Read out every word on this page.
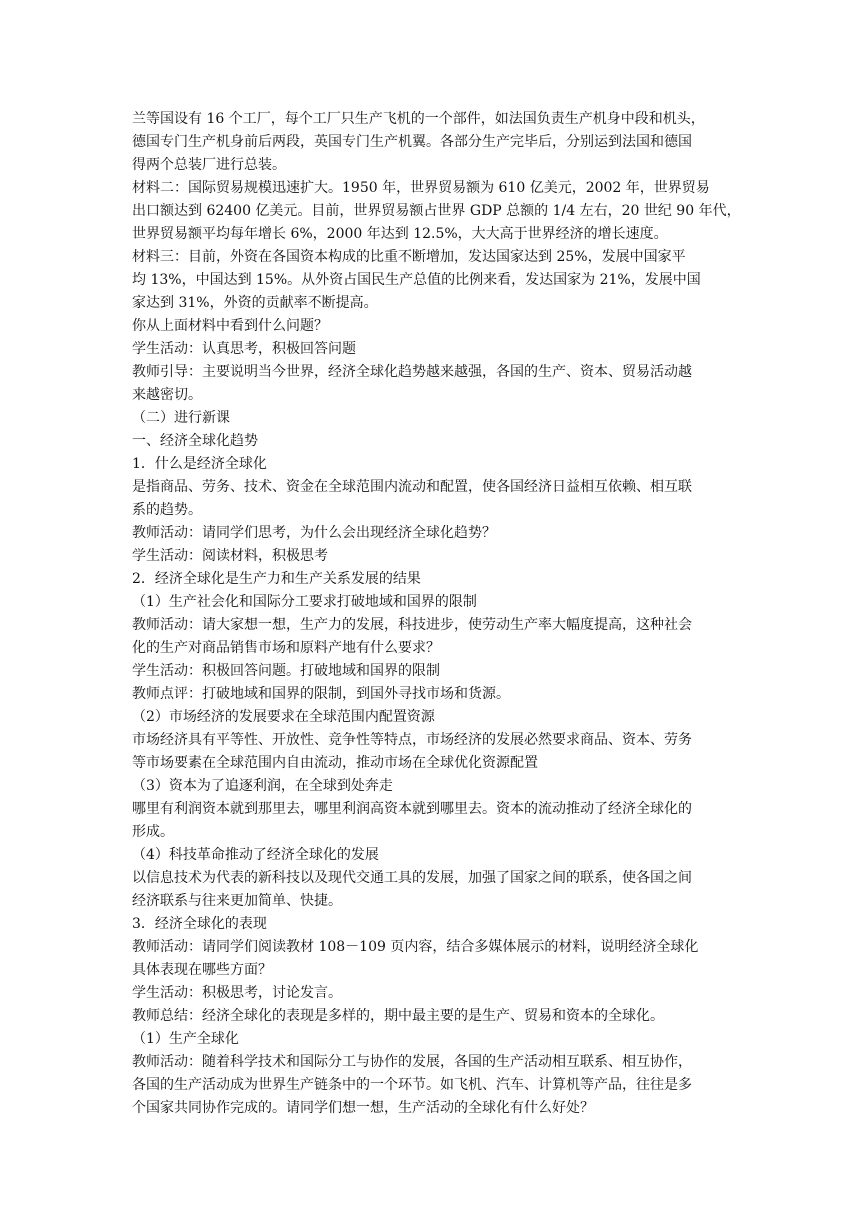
兰等国设有 16 个工厂，每个工厂只生产飞机的一个部件，如法国负责生产机身中段和机头，
德国专门生产机身前后两段，英国专门生产机翼。各部分生产完毕后，分别运到法国和德国
得两个总装厂进行总装。
材料二：国际贸易规模迅速扩大。1950 年，世界贸易额为 610 亿美元，2002 年，世界贸易
出口额达到 62400 亿美元。目前，世界贸易额占世界 GDP 总额的 1/4 左右，20 世纪 90 年代，
世界贸易额平均每年增长 6%，2000 年达到 12.5%，大大高于世界经济的增长速度。
材料三：目前，外资在各国资本构成的比重不断增加，发达国家达到 25%，发展中国家平
均 13%，中国达到 15%。从外资占国民生产总值的比例来看，发达国家为 21%，发展中国
家达到 31%，外资的贡献率不断提高。
你从上面材料中看到什么问题？
学生活动：认真思考，积极回答问题
教师引导：主要说明当今世界，经济全球化趋势越来越强，各国的生产、资本、贸易活动越
来越密切。
（二）进行新课
一、经济全球化趋势
1．什么是经济全球化
是指商品、劳务、技术、资金在全球范围内流动和配置，使各国经济日益相互依赖、相互联
系的趋势。
教师活动：请同学们思考，为什么会出现经济全球化趋势？
学生活动：阅读材料，积极思考
2．经济全球化是生产力和生产关系发展的结果
（1）生产社会化和国际分工要求打破地域和国界的限制
教师活动：请大家想一想，生产力的发展，科技进步，使劳动生产率大幅度提高，这种社会
化的生产对商品销售市场和原料产地有什么要求？
学生活动：积极回答问题。打破地域和国界的限制
教师点评：打破地域和国界的限制，到国外寻找市场和货源。
（2）市场经济的发展要求在全球范围内配置资源
市场经济具有平等性、开放性、竞争性等特点，市场经济的发展必然要求商品、资本、劳务
等市场要素在全球范围内自由流动，推动市场在全球优化资源配置
（3）资本为了追逐利润，在全球到处奔走
哪里有利润资本就到那里去，哪里利润高资本就到哪里去。资本的流动推动了经济全球化的
形成。
（4）科技革命推动了经济全球化的发展
以信息技术为代表的新科技以及现代交通工具的发展，加强了国家之间的联系，使各国之间
经济联系与往来更加简单、快捷。
3．经济全球化的表现
教师活动：请同学们阅读教材 108－109 页内容，结合多媒体展示的材料，说明经济全球化
具体表现在哪些方面？
学生活动：积极思考，讨论发言。
教师总结：经济全球化的表现是多样的，期中最主要的是生产、贸易和资本的全球化。
（1）生产全球化
教师活动：随着科学技术和国际分工与协作的发展，各国的生产活动相互联系、相互协作，
各国的生产活动成为世界生产链条中的一个环节。如飞机、汽车、计算机等产品，往往是多
个国家共同协作完成的。请同学们想一想，生产活动的全球化有什么好处？
